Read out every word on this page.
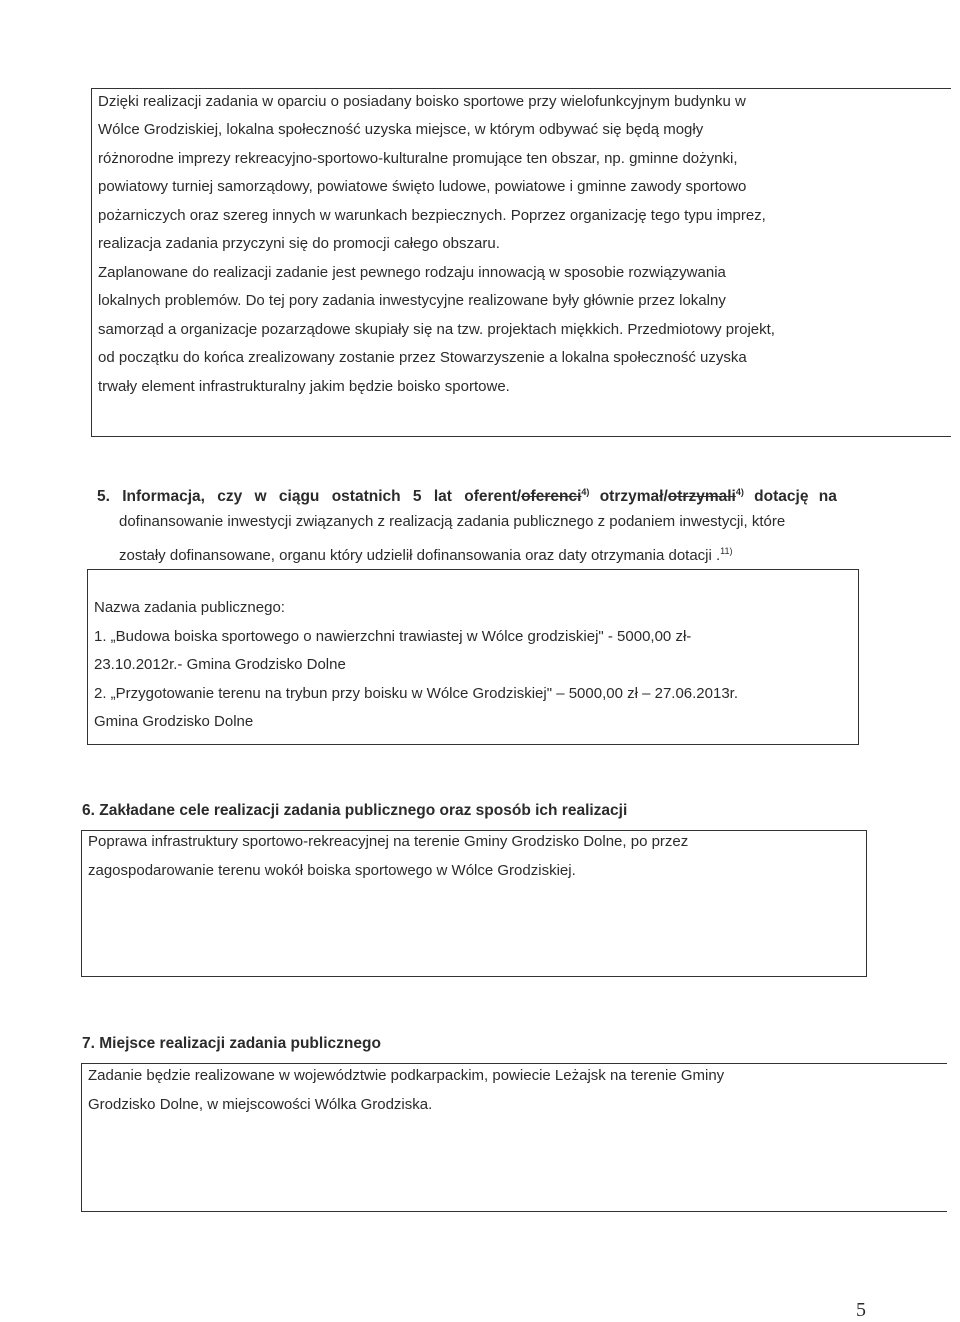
Dzięki realizacji zadania w oparciu o posiadany boisko sportowe przy wielofunkcyjnym budynku w
Wólce Grodziskiej, lokalna społeczność uzyska miejsce, w którym odbywać się będą mogły
różnorodne imprezy rekreacyjno-sportowo-kulturalne promujące ten obszar, np. gminne dożynki,
powiatowy turniej samorządowy, powiatowe święto ludowe, powiatowe i gminne zawody sportowo
pożarniczych oraz szereg innych w warunkach bezpiecznych. Poprzez organizację tego typu imprez,
realizacja zadania przyczyni się do promocji całego obszaru.
Zaplanowane do realizacji zadanie jest pewnego rodzaju innowacją w sposobie rozwiązywania
lokalnych problemów. Do tej pory zadania inwestycyjne realizowane były głównie przez lokalny
samorząd a organizacje pozarządowe skupiały się na tzw. projektach miękkich. Przedmiotowy projekt,
od początku do końca zrealizowany zostanie przez Stowarzyszenie a lokalna społeczność uzyska
trwały element infrastrukturalny jakim będzie boisko sportowe.
5. Informacja, czy w ciągu ostatnich 5 lat oferent/oferenci$^{4)}$ otrzymał/otrzymali$^{4)}$ dotację na
dofinansowanie inwestycji związanych z realizacją zadania publicznego z podaniem inwestycji, które
zostały dofinansowane, organu który udzielił dofinansowania oraz daty otrzymania dotacji .$^{11)}$
Nazwa zadania publicznego:
1. „Budowa boiska sportowego o nawierzchni trawiastej w Wólce grodziskiej" - 5000,00 zł-
23.10.2012r.- Gmina Grodzisko Dolne
2. „Przygotowanie terenu na trybun przy boisku w Wólce Grodziskiej" – 5000,00 zł – 27.06.2013r.
Gmina Grodzisko Dolne
6. Zakładane cele realizacji zadania publicznego oraz sposób ich realizacji
Poprawa infrastruktury sportowo-rekreacyjnej na terenie Gminy Grodzisko Dolne, po przez
zagospodarowanie terenu wokół boiska sportowego w Wólce Grodziskiej.
7. Miejsce realizacji zadania publicznego
Zadanie będzie realizowane w województwie podkarpackim, powiecie Leżajsk na terenie Gminy
Grodzisko Dolne, w miejscowości Wólka Grodziska.
5
